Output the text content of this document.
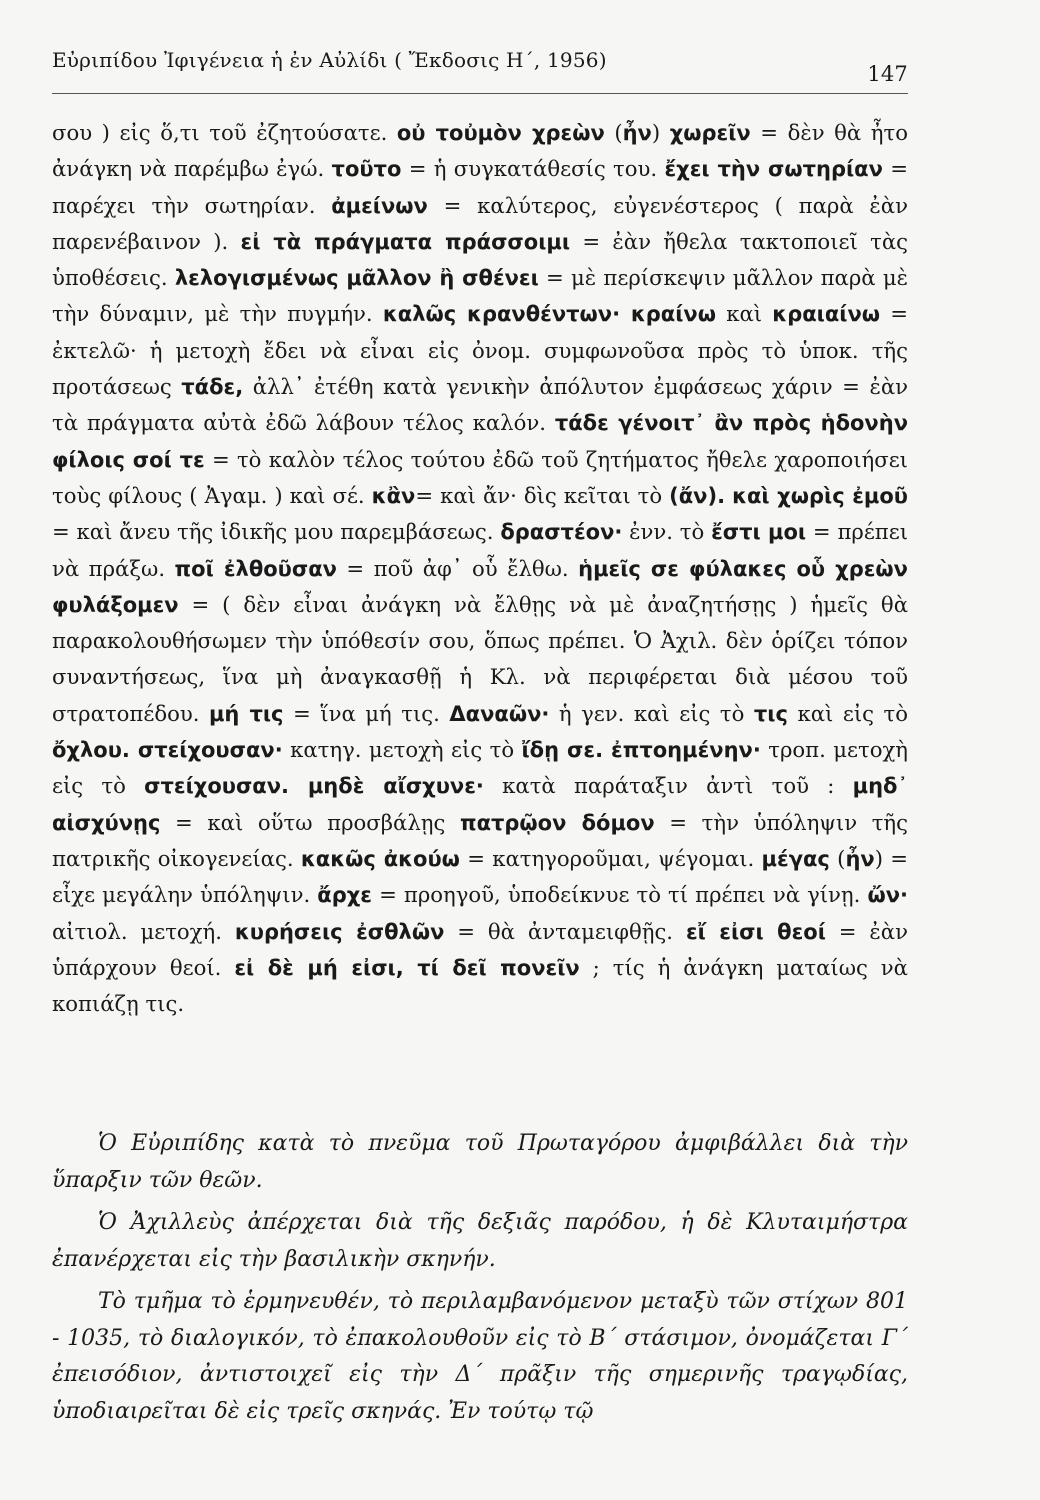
Εὐριπίδου Ἰφιγένεια ἡ ἐν Αὐλίδι ( Ἔκδοσις Η΄, 1956)
147
σου ) εἰς ὅ,τι τοῦ ἐζητούσατε. οὐ τοὐμὸν χρεὼν (ἦν) χωρεῖν = δὲν θὰ ἦτο ἀνάγκη νὰ παρέμβω ἐγώ. τοῦτο = ἡ συγκατάθεσίς του. ἔχει τὴν σωτηρίαν = παρέχει τὴν σωτηρίαν. ἀμείνων = καλύτερος, εὐγενέστερος ( παρὰ ἐὰν παρενέβαινον ). εἰ τὰ πράγματα πράσσοιμι = ἐὰν ἤθελα τακτοποιεῖ τὰς ὑποθέσεις. λελογισμένως μᾶλλον ἢ σθένει = μὲ περίσκεψιν μᾶλλον παρὰ μὲ τὴν δύναμιν, μὲ τὴν πυγμήν. καλῶς κρανθέντων· κραίνω καὶ κραιαίνω = ἐκτελῶ· ἡ μετοχὴ ἔδει νὰ εἶναι εἰς ὀνομ. συμφωνοῦσα πρὸς τὸ ὑποκ. τῆς προτάσεως τάδε, ἀλλ᾽ ἐτέθη κατὰ γενικὴν ἀπόλυτον ἐμφάσεως χάριν = ἐὰν τὰ πράγματα αὐτὰ ἐδῶ λάβουν τέλος καλόν. τάδε γένοιτ᾽ ἂν πρὸς ἡδονὴν φίλοις σοί τε = τὸ καλὸν τέλος τούτου ἐδῶ τοῦ ζητήματος ἤθελε χαροποιήσει τοὺς φίλους ( Ἀγαμ. ) καὶ σέ. κἂν= καὶ ἄν· δὶς κεῖται τὸ (ἄν). καὶ χωρὶς ἐμοῦ = καὶ ἄνευ τῆς ἰδικῆς μου παρεμβάσεως. δραστέον· ἐνν. τὸ ἔστι μοι = πρέπει νὰ πράξω. ποῖ ἐλθοῦσαν = ποῦ ἀφ᾽ οὗ ἔλθω. ἡμεῖς σε φύλακες οὗ χρεὼν φυλάξομεν = ( δὲν εἶναι ἀνάγκη νὰ ἔλθῃς νὰ μὲ ἀναζητήσῃς ) ἡμεῖς θὰ παρακολουθήσωμεν τὴν ὑπόθεσίν σου, ὅπως πρέπει. Ὁ Ἀχιλ. δὲν ὁρίζει τόπον συναντήσεως, ἵνα μὴ ἀναγκασθῇ ἡ Κλ. νὰ περιφέρεται διὰ μέσου τοῦ στρατοπέδου. μή τις = ἵνα μή τις. Δαναῶν· ἡ γεν. καὶ εἰς τὸ τις καὶ εἰς τὸ ὄχλου. στείχουσαν· κατηγ. μετοχὴ εἰς τὸ ἴδῃ σε. ἐπτοημένην· τροπ. μετοχὴ εἰς τὸ στείχουσαν. μηδὲ αἴσχυνε· κατὰ παράταξιν ἀντὶ τοῦ : μηδ᾽ αἰσχύνῃς = καὶ οὕτω προσβάλῃς πατρῷον δόμον = τὴν ὑπόληψιν τῆς πατρικῆς οἰκογενείας. κακῶς ἀκούω = κατηγοροῦμαι, ψέγομαι. μέγας (ἦν) = εἶχε μεγάλην ὑπόληψιν. ἄρχε = προηγοῦ, ὑποδείκνυε τὸ τί πρέπει νὰ γίνῃ. ὤν· αἰτιολ. μετοχή. κυρήσεις ἐσθλῶν = θὰ ἀνταμειφθῇς. εἴ εἰσι θεοί = ἐὰν ὑπάρχουν θεοί. εἰ δὲ μή εἰσι, τί δεῖ πονεῖν ; τίς ἡ ἀνάγκη ματαίως νὰ κοπιάζῃ τις.

Ὁ Εὐριπίδης κατὰ τὸ πνεῦμα τοῦ Πρωταγόρου ἀμφιβάλλει διὰ τὴν ὕπαρξιν τῶν θεῶν.

Ὁ Ἀχιλλεὺς ἀπέρχεται διὰ τῆς δεξιᾶς παρόδου, ἡ δὲ Κλυταιμήστρα ἐπανέρχεται εἰς τὴν βασιλικὴν σκηνήν.

Τὸ τμῆμα τὸ ἑρμηνευθέν, τὸ περιλαμβανόμενον μεταξὺ τῶν στίχων 801 - 1035, τὸ διαλογικόν, τὸ ἐπακολουθοῦν εἰς τὸ Β΄ στάσιμον, ὀνομάζεται Γ΄ ἐπεισόδιον, ἀντιστοιχεῖ εἰς τὴν Δ΄ πρᾶξιν τῆς σημερινῆς τραγῳδίας, ὑποδιαιρεῖται δὲ εἰς τρεῖς σκηνάς. Ἐν τούτῳ τῷ
